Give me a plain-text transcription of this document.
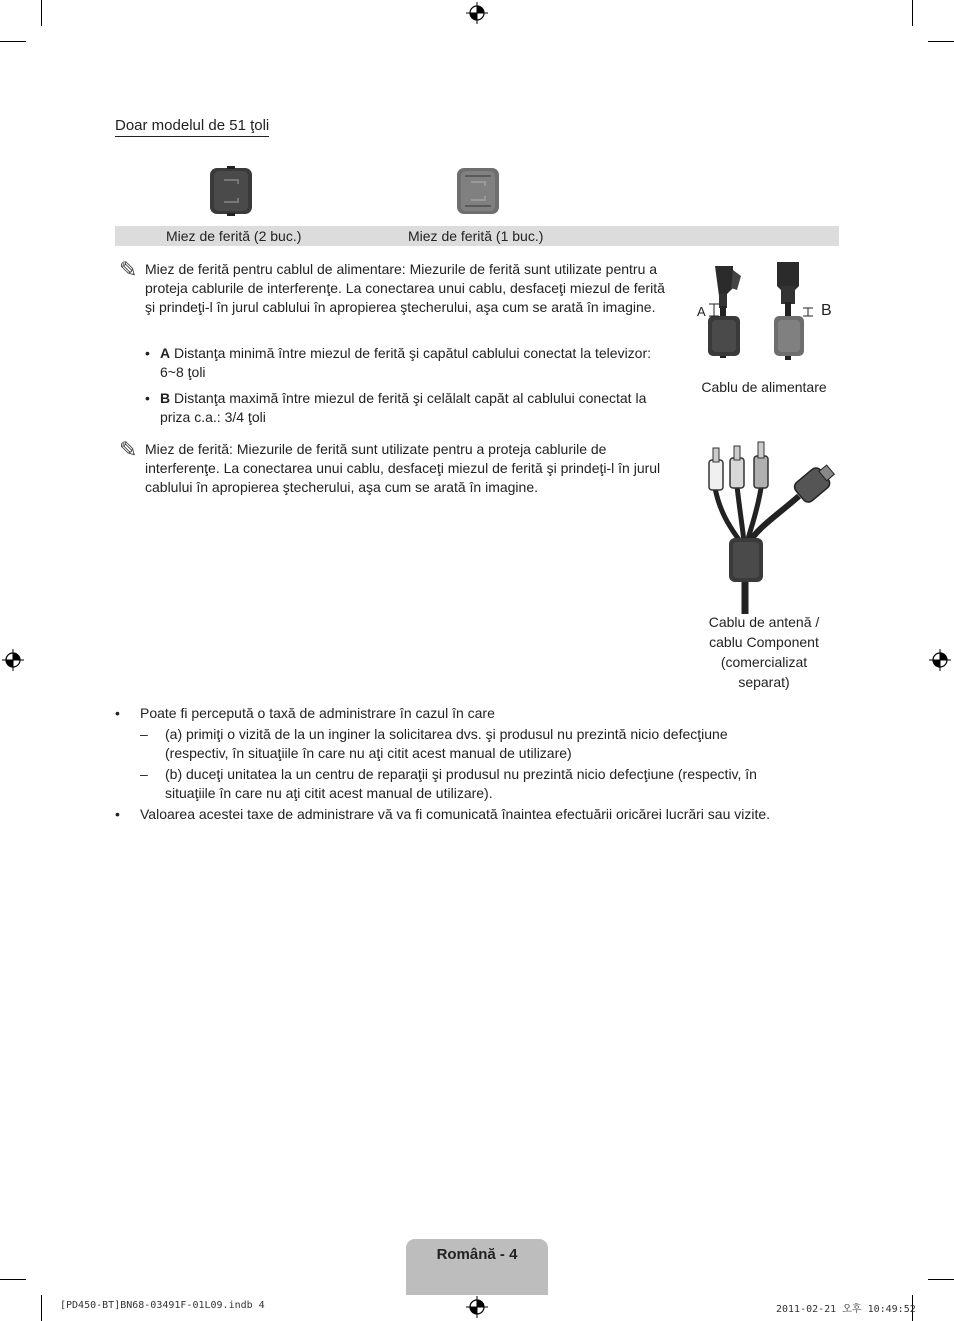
Doar modelul de 51 ţoli
Miez de ferită (2 buc.)	Miez de ferită (1 buc.)
✎ Miez de ferită pentru cablul de alimentare: Miezurile de ferită sunt utilizate pentru a proteja cablurile de interferenţe. La conectarea unui cablu, desfaceţi miezul de ferită şi prindeţi-l în jurul cablului în apropierea ştecherului, aşa cum se arată în imagine.
• A Distanţa minimă între miezul de ferită şi capătul cablului conectat la televizor: 6~8 ţoli
• B Distanţa maximă între miezul de ferită şi celălalt capăt al cablului conectat la priza c.a.: 3/4 ţoli
A	B
Cablu de alimentare
✎ Miez de ferită: Miezurile de ferită sunt utilizate pentru a proteja cablurile de interferenţe. La conectarea unui cablu, desfaceţi miezul de ferită şi prindeţi-l în jurul cablului în apropierea ştecherului, aşa cum se arată în imagine.
Cablu de antenă /
cablu Component
(comercializat
separat)
• Poate fi percepută o taxă de administrare în cazul în care
– (a) primiţi o vizită de la un inginer la solicitarea dvs. şi produsul nu prezintă nicio defecţiune (respectiv, în situaţiile în care nu aţi citit acest manual de utilizare)
– (b) duceţi unitatea la un centru de reparaţii şi produsul nu prezintă nicio defecţiune (respectiv, în situaţiile în care nu aţi citit acest manual de utilizare).
• Valoarea acestei taxe de administrare vă va fi comunicată înaintea efectuării oricărei lucrări sau vizite.
Română - 4
[PD450-BT]BN68-03491F-01L09.indb 4	2011-02-21 오후 10:49:52
